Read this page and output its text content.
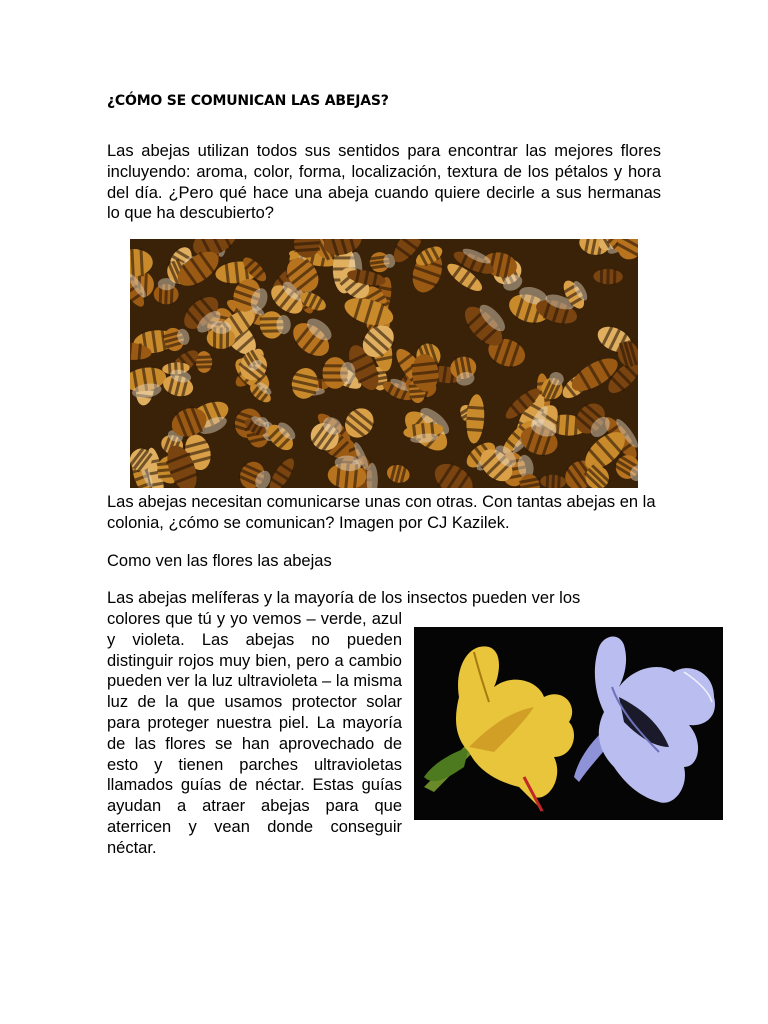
¿CÓMO SE COMUNICAN LAS ABEJAS?
Las abejas utilizan todos sus sentidos para encontrar las mejores flores incluyendo: aroma, color, forma, localización, textura de los pétalos y hora del día. ¿Pero qué hace una abeja cuando quiere decirle a sus hermanas lo que ha descubierto?
Las abejas necesitan comunicarse unas con otras. Con tantas abejas en la colonia, ¿cómo se comunican? Imagen por CJ Kazilek.
Como ven las flores las abejas
Las abejas melíferas y la mayoría de los insectos pueden ver los
colores que tú y yo vemos – verde, azul y violeta. Las abejas no pueden distinguir rojos muy bien, pero a cambio pueden ver la luz ultravioleta – la misma luz de la que usamos protector solar para proteger nuestra piel. La mayoría de las flores se han aprovechado de esto y tienen parches ultravioletas llamados guías de néctar. Estas guías ayudan a atraer abejas para que aterricen y vean donde conseguir néctar.
